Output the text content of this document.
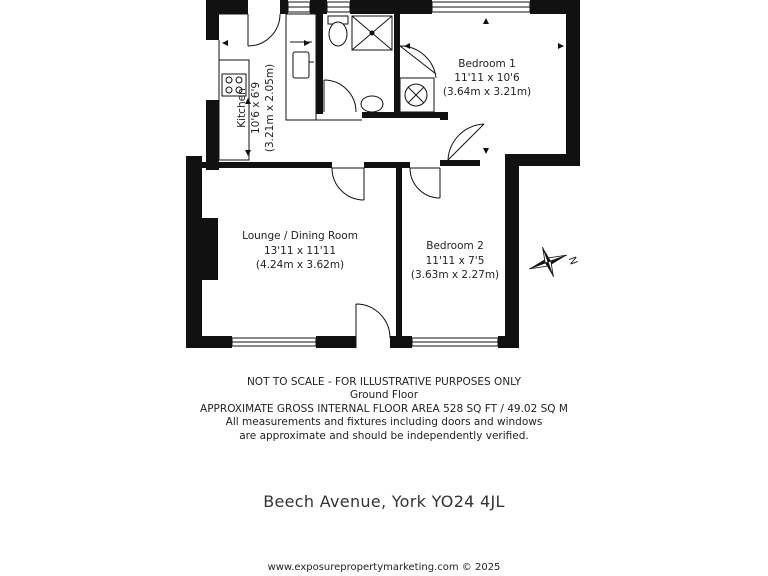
N
Bedroom 1
11'11 x 10'6
(3.64m x 3.21m)
Lounge / Dining Room
13'11 x 11'11
(4.24m x 3.62m)
Bedroom 2
11'11 x 7'5
(3.63m x 2.27m)
Kitchen 10'6 x 6'9 (3.21m x 2.05m)
NOT TO SCALE - FOR ILLUSTRATIVE PURPOSES ONLY
Ground Floor
APPROXIMATE GROSS INTERNAL FLOOR AREA 528 SQ FT / 49.02 SQ M
All measurements and fixtures including doors and windows
are approximate and should be independently verified.
Beech Avenue, York YO24 4JL
www.exposurepropertymarketing.com © 2025
